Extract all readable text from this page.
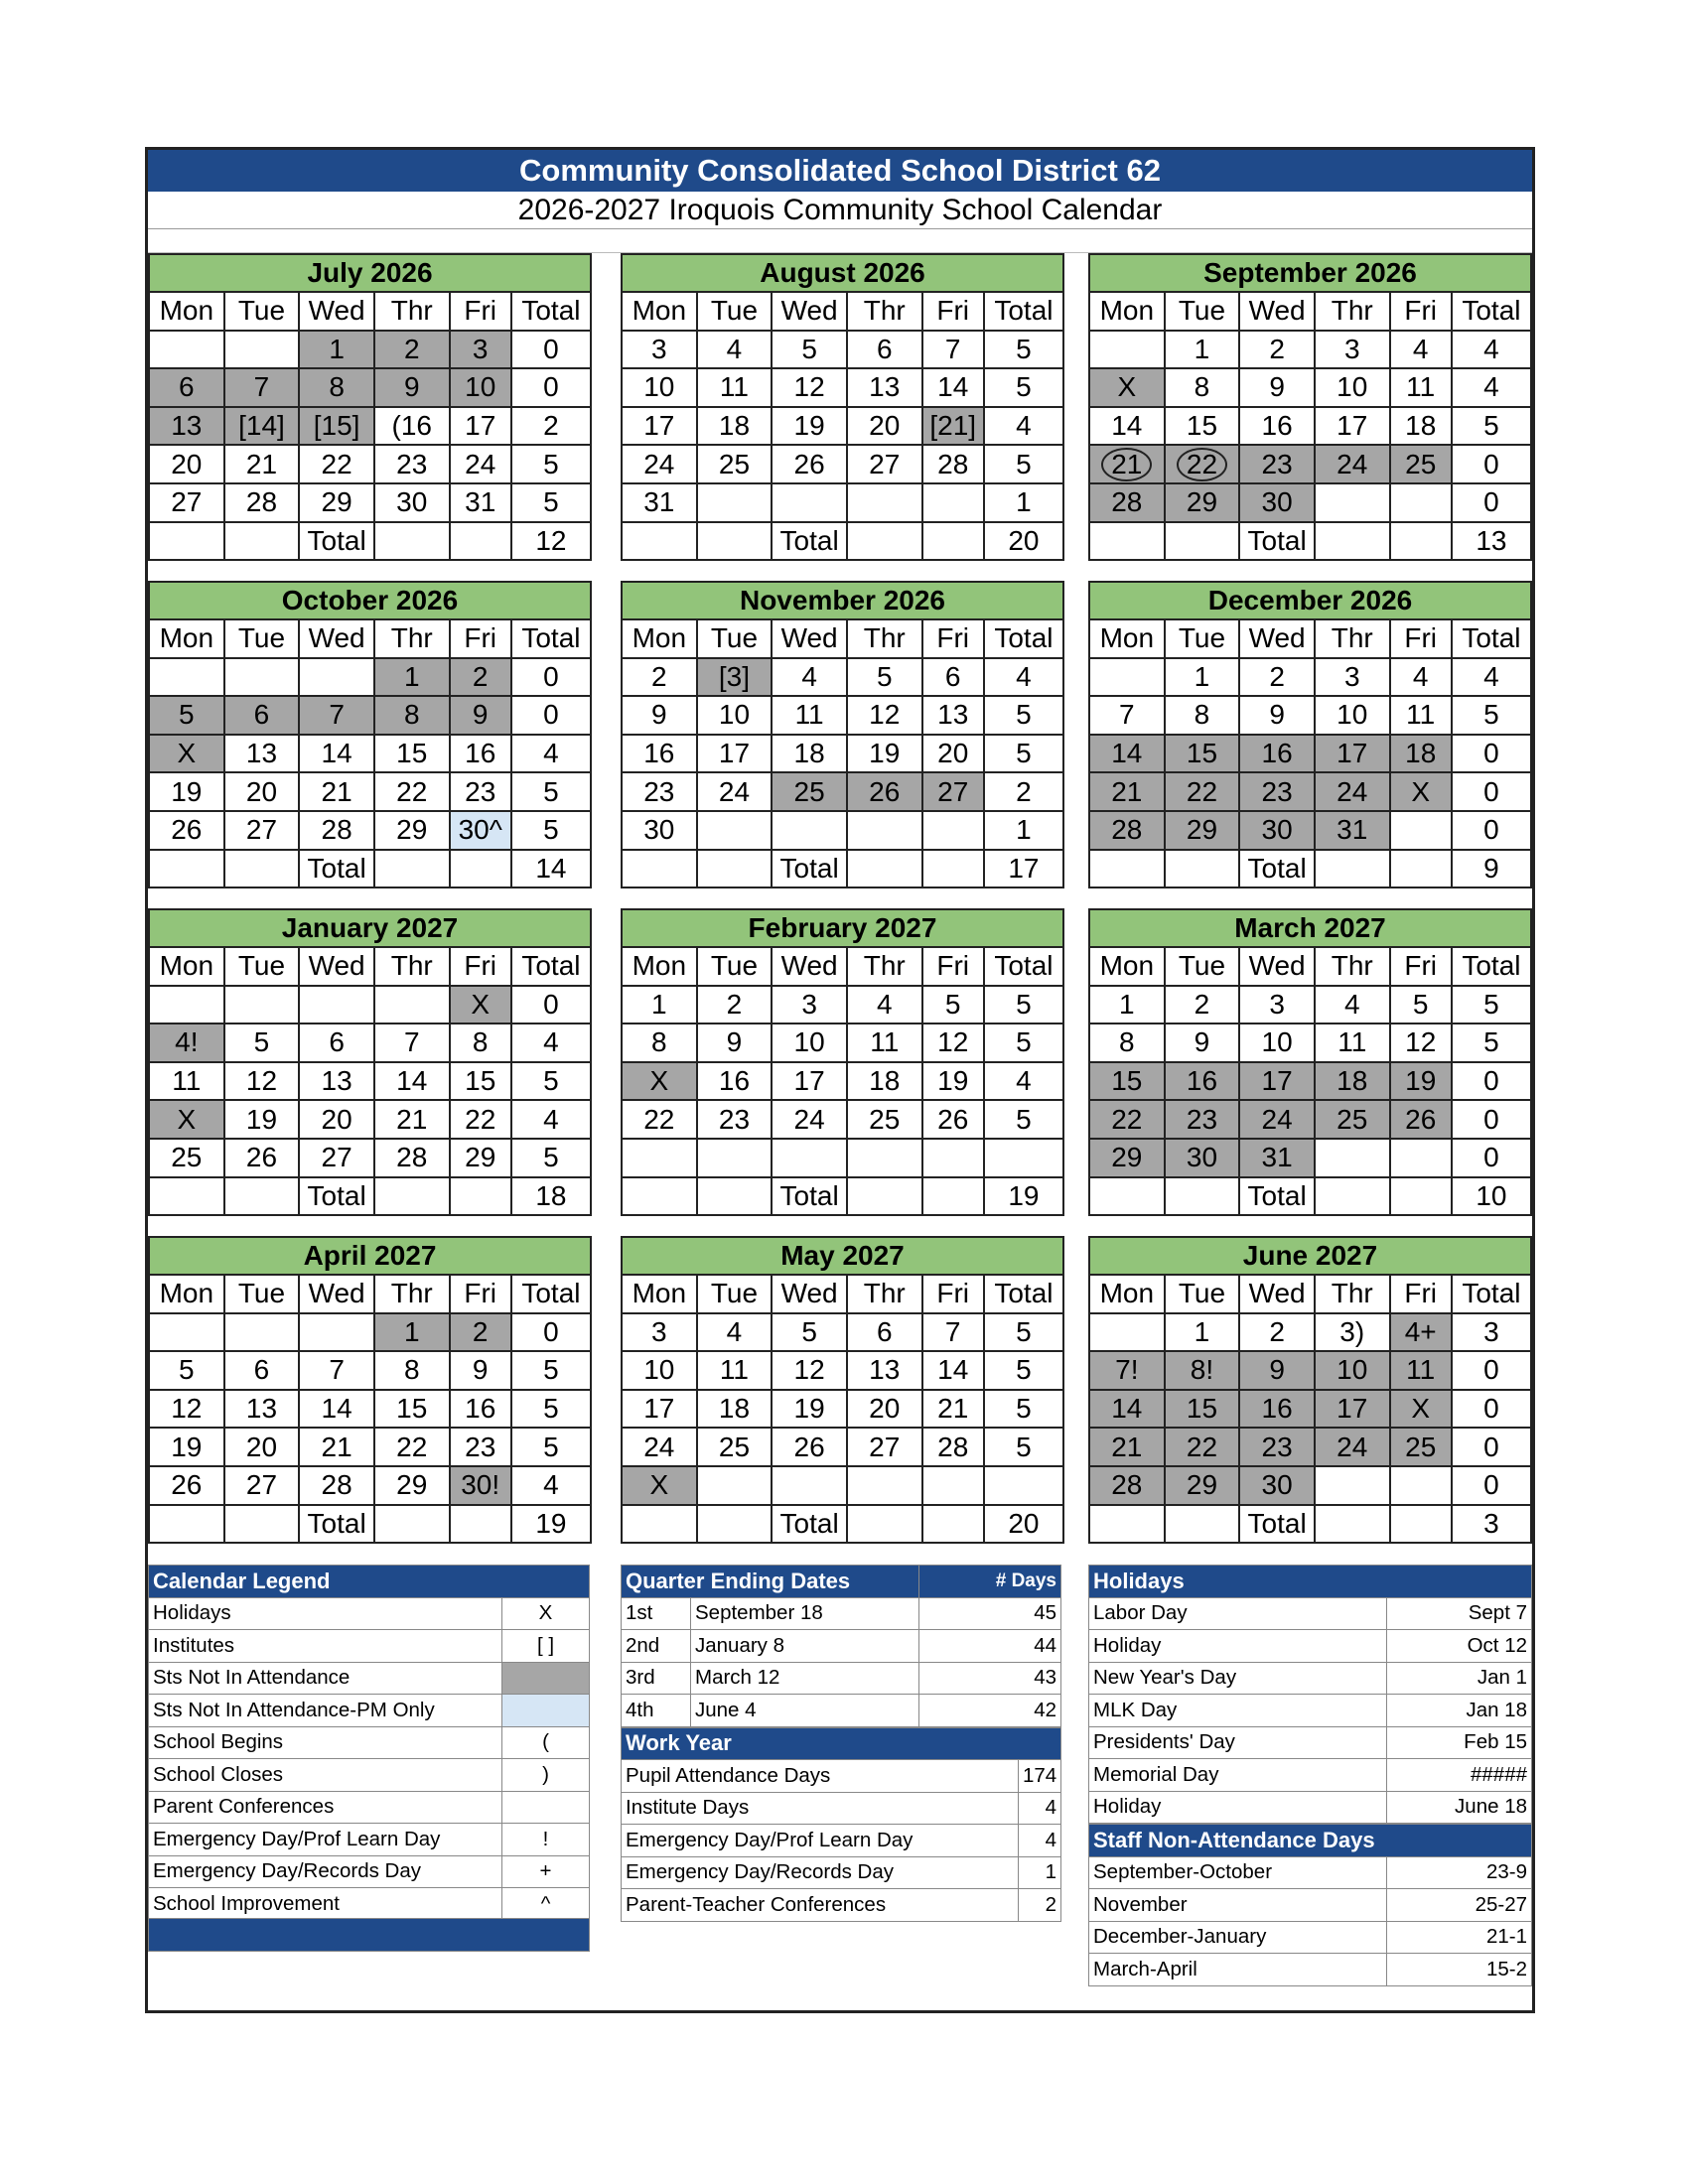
Community Consolidated School District 62
2026-2027 Iroquois Community School Calendar
July 2026					
Mon	Tue	Wed	Thr	Fri	Total
		1	2	3	0
6	7	8	9	10	0
13	[14]	[15]	(16	17	2
20	21	22	23	24	5
27	28	29	30	31	5
		Total			12
August 2026					
Mon	Tue	Wed	Thr	Fri	Total
3	4	5	6	7	5
10	11	12	13	14	5
17	18	19	20	[21]	4
24	25	26	27	28	5
31					1
		Total			20
September 2026					
Mon	Tue	Wed	Thr	Fri	Total
	1	2	3	4	4
X	8	9	10	11	4
14	15	16	17	18	5
21	22	23	24	25	0
28	29	30			0
		Total			13
October 2026					
Mon	Tue	Wed	Thr	Fri	Total
			1	2	0
5	6	7	8	9	0
X	13	14	15	16	4
19	20	21	22	23	5
26	27	28	29	30^	5
		Total			14
November 2026					
Mon	Tue	Wed	Thr	Fri	Total
2	[3]	4	5	6	4
9	10	11	12	13	5
16	17	18	19	20	5
23	24	25	26	27	2
30					1
		Total			17
December 2026					
Mon	Tue	Wed	Thr	Fri	Total
	1	2	3	4	4
7	8	9	10	11	5
14	15	16	17	18	0
21	22	23	24	X	0
28	29	30	31		0
		Total			9
January 2027					
Mon	Tue	Wed	Thr	Fri	Total
				X	0
4!	5	6	7	8	4
11	12	13	14	15	5
X	19	20	21	22	4
25	26	27	28	29	5
		Total			18
February 2027					
Mon	Tue	Wed	Thr	Fri	Total
1	2	3	4	5	5
8	9	10	11	12	5
X	16	17	18	19	4
22	23	24	25	26	5

		Total			19
March 2027					
Mon	Tue	Wed	Thr	Fri	Total
1	2	3	4	5	5
8	9	10	11	12	5
15	16	17	18	19	0
22	23	24	25	26	0
29	30	31			0
		Total			10
April 2027					
Mon	Tue	Wed	Thr	Fri	Total
			1	2	0
5	6	7	8	9	5
12	13	14	15	16	5
19	20	21	22	23	5
26	27	28	29	30!	4
		Total			19
May 2027					
Mon	Tue	Wed	Thr	Fri	Total
3	4	5	6	7	5
10	11	12	13	14	5
17	18	19	20	21	5
24	25	26	27	28	5
X					
		Total			20
June 2027					
Mon	Tue	Wed	Thr	Fri	Total
	1	2	3)	4+	3
7!	8!	9	10	11	0
14	15	16	17	X	0
21	22	23	24	25	0
28	29	30			0
		Total			3
Calendar Legend	
Holidays	X
Institutes	[ ]
Sts Not In Attendance	
Sts Not In Attendance-PM Only	
School Begins	(
School Closes	)
Parent Conferences	
Emergency Day/Prof Learn Day	!
Emergency Day/Records Day	+
School Improvement	^
Quarter Ending Dates		# Days
1st	September 18	45
2nd	January 8	44
3rd	March 12	43
4th	June 4	42
Work Year	
Pupil Attendance Days	174
Institute Days	4
Emergency Day/Prof Learn Day	4
Emergency Day/Records Day	1
Parent-Teacher Conferences	2
Holidays	
Labor Day	Sept 7
Holiday	Oct 12
New Year's Day	Jan 1
MLK Day	Jan 18
Presidents' Day	Feb 15
Memorial Day	#####
Holiday	June 18
Staff Non-Attendance Days	
September-October	23-9
November	25-27
December-January	21-1
March-April	15-2
